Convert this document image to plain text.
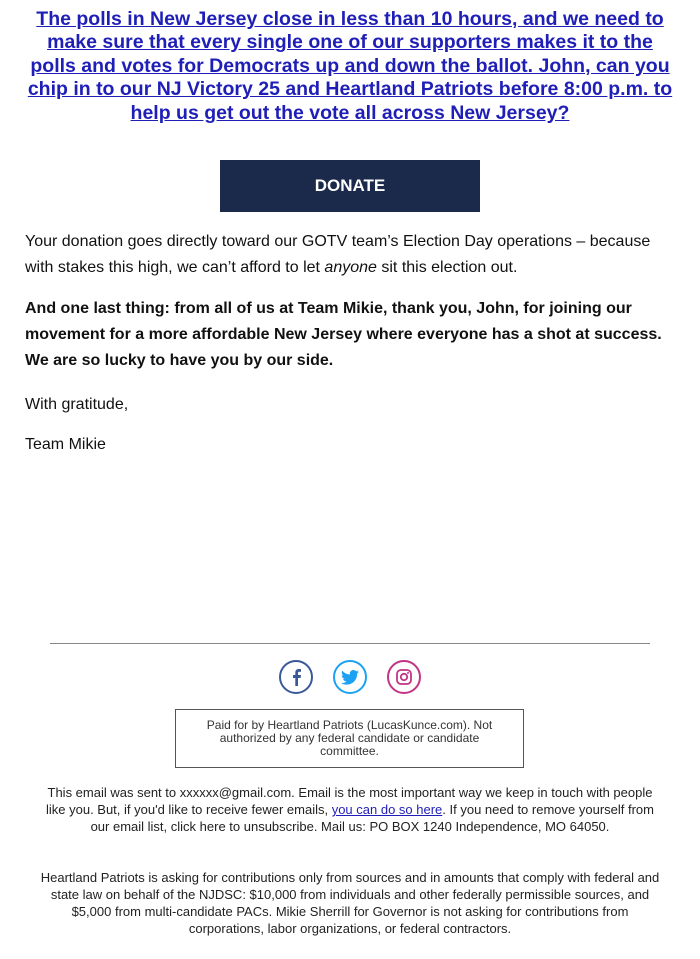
The polls in New Jersey close in less than 10 hours, and we need to make sure that every single one of our supporters makes it to the polls and votes for Democrats up and down the ballot. John, can you chip in to our NJ Victory 25 and Heartland Patriots before 8:00 p.m. to help us get out the vote all across New Jersey?

DONATE

Your donation goes directly toward our GOTV team’s Election Day operations – because with stakes this high, we can’t afford to let anyone sit this election out.

And one last thing: from all of us at Team Mikie, thank you, John, for joining our movement for a more affordable New Jersey where everyone has a shot at success. We are so lucky to have you by our side.

With gratitude,

Team Mikie

Paid for by Heartland Patriots (LucasKunce.com). Not authorized by any federal candidate or candidate committee.

This email was sent to xxxxxx@gmail.com. Email is the most important way we keep in touch with people like you. But, if you'd like to receive fewer emails, you can do so here. If you need to remove yourself from our email list, click here to unsubscribe. Mail us: PO BOX 1240 Independence, MO 64050.

Heartland Patriots is asking for contributions only from sources and in amounts that comply with federal and state law on behalf of the NJDSC: $10,000 from individuals and other federally permissible sources, and $5,000 from multi-candidate PACs. Mikie Sherrill for Governor is not asking for contributions from corporations, labor organizations, or federal contractors.
